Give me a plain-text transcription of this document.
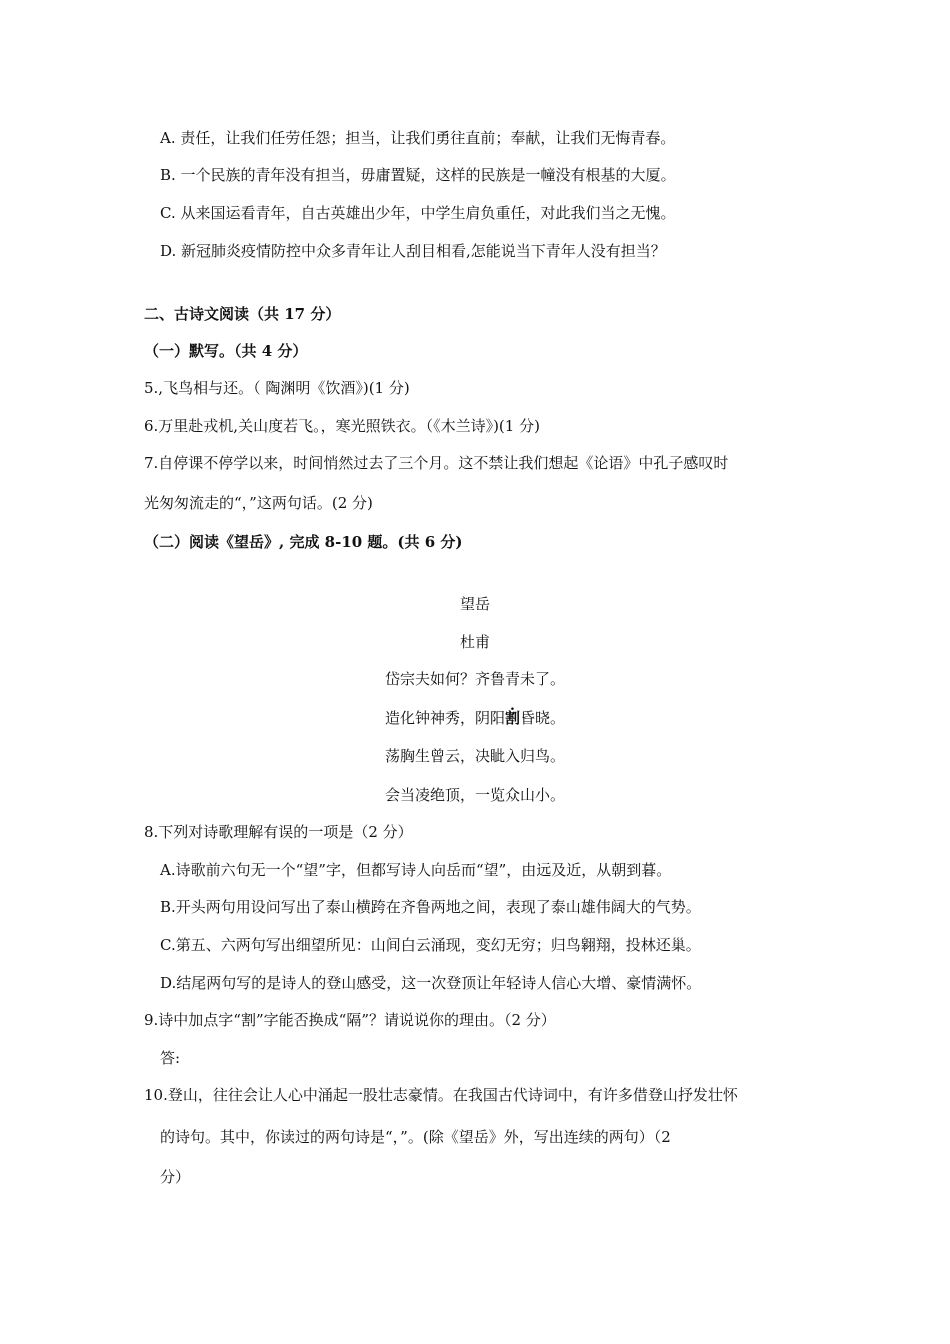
A. 责任，让我们任劳任怨；担当，让我们勇往直前；奉献，让我们无悔青春。
B. 一个民族的青年没有担当，毋庸置疑，这样的民族是一幢没有根基的大厦。
C. 从来国运看青年，自古英雄出少年，中学生肩负重任，对此我们当之无愧。
D. 新冠肺炎疫情防控中众多青年让人刮目相看,怎能说当下青年人没有担当？
二、古诗文阅读（共 17 分）
（一）默写。（共 4 分）
5.,飞鸟相与还。（ 陶渊明《饮酒》)(1 分)
6.万里赴戎机,关山度若飞。，寒光照铁衣。（《木兰诗》)(1 分)
7.自停课不停学以来，时间悄然过去了三个月。这不禁让我们想起《论语》中孔子感叹时
光匆匆流走的“，”这两句话。(2 分)
（二）阅读《望岳》, 完成 8-10 题。(共 6 分)
望岳
杜甫
岱宗夫如何？齐鲁青未了。
造化钟神秀，阴阳割昏晓。
荡胸生曾云，决眦入归鸟。
会当凌绝顶，一览众山小。
8.下列对诗歌理解有误的一项是（2 分）
A.诗歌前六句无一个“望”字，但都写诗人向岳而“望”，由远及近，从朝到暮。
B.开头两句用设问写出了泰山横跨在齐鲁两地之间，表现了泰山雄伟阔大的气势。
C.第五、六两句写出细望所见：山间白云涌现，变幻无穷；归鸟翱翔，投林还巢。
D.结尾两句写的是诗人的登山感受，这一次登顶让年轻诗人信心大增、豪情满怀。
9.诗中加点字“割”字能否换成“隔”？请说说你的理由。（2 分）
答:
10.登山，往往会让人心中涌起一股壮志豪情。在我国古代诗词中，有许多借登山抒发壮怀
的诗句。其中，你读过的两句诗是“，”。(除《望岳》外，写出连续的两句）（2
分）
